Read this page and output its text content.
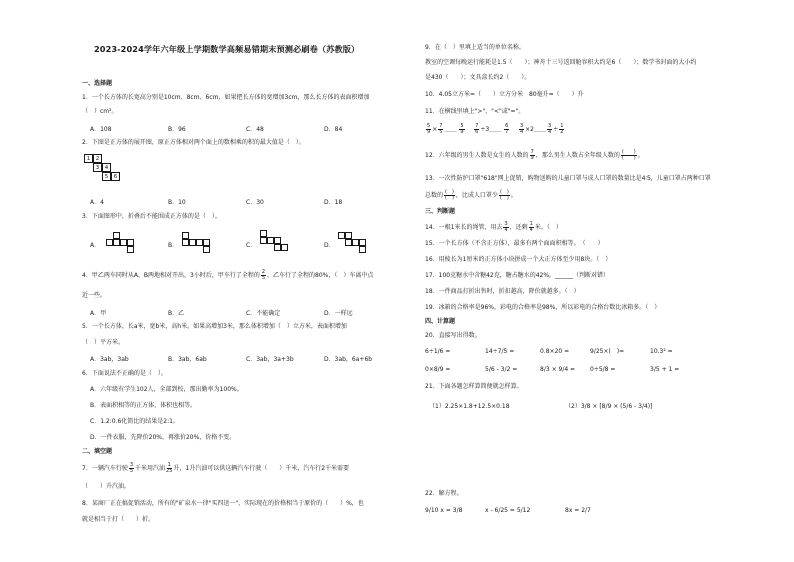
2023-2024学年六年级上学期数学高频易错期末预测必刷卷（苏教版）
一、选择题
1．一个长方体的长宽高分别是10cm、8cm、6cm，如果把长方体的宽增加3cm，那么长方体的表面积增加
（　）cm²。
A．108	B．96	C．48	D．84
2．下图是正方体的展开图，原正方体相对两个面上的数相乘的积的最大值是（　）。
1	2
3	4
5	6
A．4	B．10	C．30	D．18
3．下面图形中，折叠后不能围成正方体的是（　）。
A．	B．	C．	D．
4．甲乙两车同时从A、B两地相对开出，3小时后，甲车行了全程的 $\frac{2}{5}$ ，乙车行了全程的80%，（　）车离中点
近一些。
A．甲	B．乙	C．不能确定	D．一样远
5．一个长方体，长a米，宽b米，高h米。如果高增加3米，那么体积增加（　）立方米，表面积增加
（　）平方米。
A．3ab，3ab	B．3ab，6ab	C．3ab，3a+3b	D．3ab，6a+6b
6．下面说法不正确的是（　）。
A．六年级有学生102人，全部到校，那出勤率为100%。
B．表面积相等的正方体，体积也相等。
C．1.2:0.6化简比的结果是2:1。
D．一件衣服，先降价20%，再涨价20%，价格不变。
二、填空题
7．一辆汽车行驶 $\frac{3}{5}$ 千米用汽油 $\frac{1}{25}$ 升，1升汽油可以供这辆汽车行驶（　　）千米，汽车行2千米需要
（　　）升汽油。
8．某商厂正在搞促销活动，所有的"矿泉水一律"买四送一"，实际现在的价格相当于原价的（　　）%，也
就是相当于打（　　）折。
9．在（　）里填上适当的单位名称。
教室的空调每晚运行能耗是1.5（　　）；神舟十三号返回舱容积大约是6（　　）；数学书封面的大小约
是430（　　）；文具盒长约2（　　）。
10．4.05立方米=（　　）立方分米　80毫升=（　　）升
11．在横线里填上">"、"<"或"="。
$\frac{5}{9} \times \frac{7}{5}$ ＿＿ $\frac{5}{9}$
$\frac{7}{6}$ ÷3＿＿ $\frac{6}{7}$
$\frac{3}{4}$ ×2＿＿ $\frac{3}{4} \div \frac{1}{2}$
12．六年级的男生人数是女生的人数的 $\frac{7}{9}$ ，那么男生人数占全年级人数的 (　　)
(　　) 。
13．一次性防护口罩"618"网上促销，购物送购的儿童口罩与成人口罩的数量比是4∶5，儿童口罩占两种口罩
总数的 (　)
(　) ，比成人口罩少 (　)
(　) 。
三、判断题
14．一根1米长的绳管，用去 $\frac{3}{4}$ ，还剩 $\frac{1}{4}$ 米。（　）
15．一个长方体（不含正方体），最多有两个面面积相等。　（　　）
16．用棱长为1厘米的正方体小块拼成一个大正方体至少用8块。（　）
17．100克糖水中含糖42克，糖占糖水的42%。______（判断对错）
18．一件商品打折出售时，折扣越高，降价就越多。（　）
19．冰箱的合格率是96%，彩电的合格率是98%，所以彩电的合格台数比冰箱多。（　）
四、计算题
20．直接写出得数。
6÷1/6 =	14÷7/5 =	0.8×20 =	9/25×(　)=	10.3² =
0×8/9 =	5/6 - 3/2 =	8/3 × 9/4 = 0÷5/8 =	3/5 + 1 =
21．下面各题怎样算简便就怎样算。
（1）2.25×1.8+12.5×0.18	（2）3/8 × [8/9 × (5/6 - 3/4)]
22．解方程。
9/10 x = 3/8	x - 6/25 = 5/12	8x = 2/7
